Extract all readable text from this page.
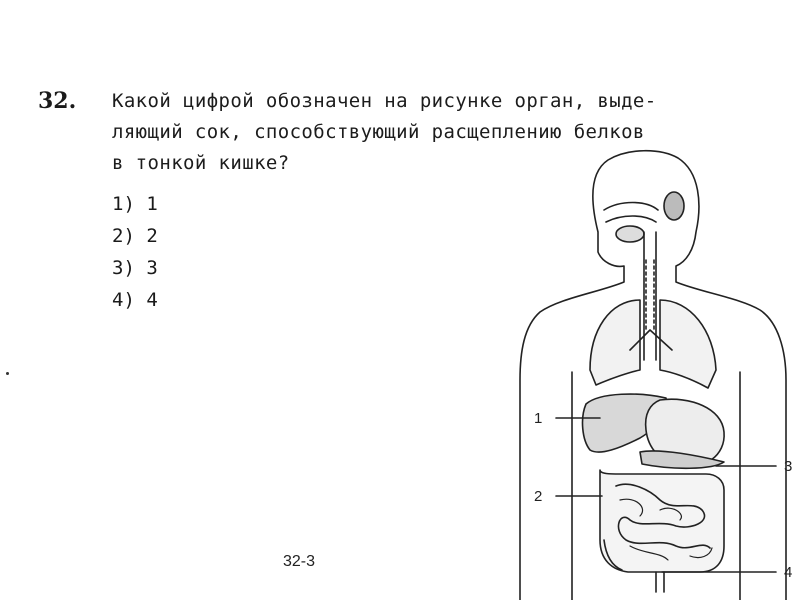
32. Какой цифрой обозначен на рисунке орган, выде-
ляющий сок, способствующий расщеплению белков
в тонкой кишке?
1) 1
2) 2
3) 3
4) 4
1
2
3
4
32-3
